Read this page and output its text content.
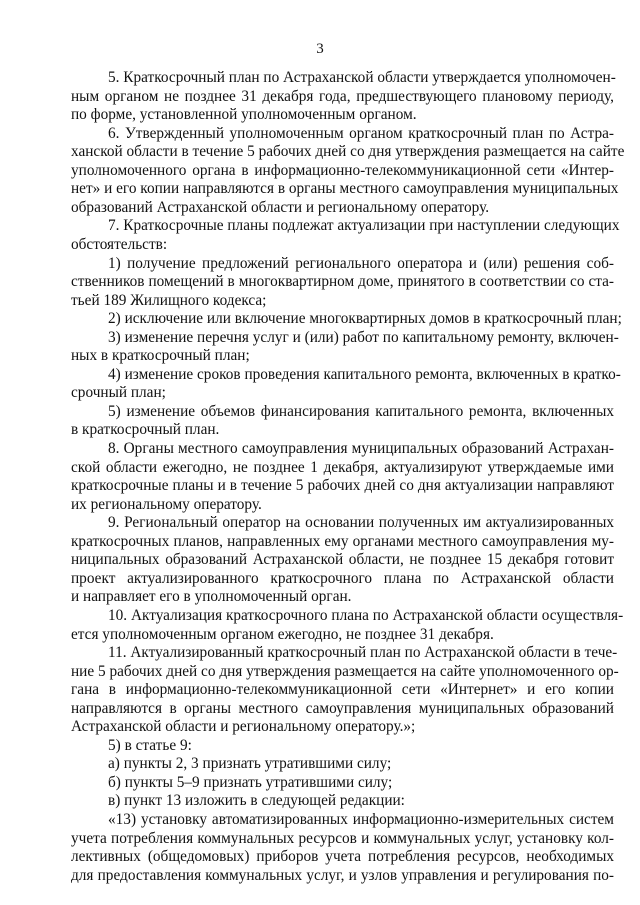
3
5. Краткосрочный план по Астраханской области утверждается уполномочен-
ным органом не позднее 31 декабря года, предшествующего плановому периоду,
по форме, установленной уполномоченным органом.
6. Утвержденный уполномоченным органом краткосрочный план по Астра-
ханской области в течение 5 рабочих дней со дня утверждения размещается на сайте
уполномоченного органа в информационно-телекоммуникационной сети «Интер-
нет» и его копии направляются в органы местного самоуправления муниципальных
образований Астраханской области и региональному оператору.
7. Краткосрочные планы подлежат актуализации при наступлении следующих
обстоятельств:
1) получение предложений регионального оператора и (или) решения соб-
ственников помещений в многоквартирном доме, принятого в соответствии со ста-
тьей 189 Жилищного кодекса;
2) исключение или включение многоквартирных домов в краткосрочный план;
3) изменение перечня услуг и (или) работ по капитальному ремонту, включен-
ных в краткосрочный план;
4) изменение сроков проведения капитального ремонта, включенных в кратко-
срочный план;
5) изменение объемов финансирования капитального ремонта, включенных
в краткосрочный план.
8. Органы местного самоуправления муниципальных образований Астрахан-
ской области ежегодно, не позднее 1 декабря, актуализируют утверждаемые ими
краткосрочные планы и в течение 5 рабочих дней со дня актуализации направляют
их региональному оператору.
9. Региональный оператор на основании полученных им актуализированных
краткосрочных планов, направленных ему органами местного самоуправления му-
ниципальных образований Астраханской области, не позднее 15 декабря готовит
проект актуализированного краткосрочного плана по Астраханской области
и направляет его в уполномоченный орган.
10. Актуализация краткосрочного плана по Астраханской области осуществля-
ется уполномоченным органом ежегодно, не позднее 31 декабря.
11. Актуализированный краткосрочный план по Астраханской области в тече-
ние 5 рабочих дней со дня утверждения размещается на сайте уполномоченного ор-
гана в информационно-телекоммуникационной сети «Интернет» и его копии
направляются в органы местного самоуправления муниципальных образований
Астраханской области и региональному оператору.»;
5) в статье 9:
а) пункты 2, 3 признать утратившими силу;
б) пункты 5–9 признать утратившими силу;
в) пункт 13 изложить в следующей редакции:
«13) установку автоматизированных информационно-измерительных систем
учета потребления коммунальных ресурсов и коммунальных услуг, установку кол-
лективных (общедомовых) приборов учета потребления ресурсов, необходимых
для предоставления коммунальных услуг, и узлов управления и регулирования по-
